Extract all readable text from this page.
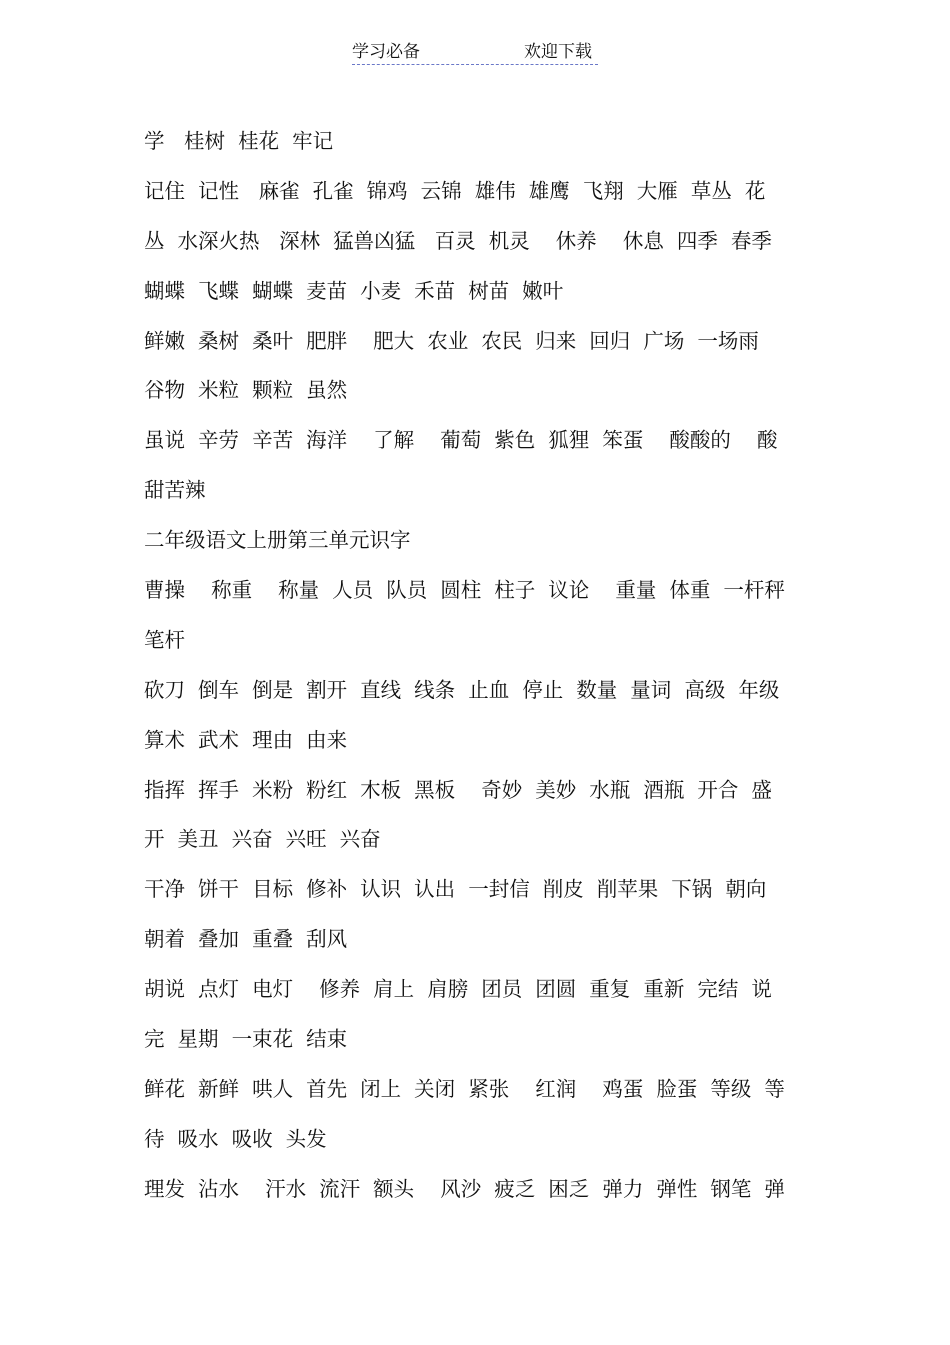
学习必备	欢迎下载
学   桂树  桂花  牢记
记住  记性   麻雀  孔雀  锦鸡  云锦  雄伟  雄鹰  飞翔  大雁  草丛  花
丛  水深火热   深林  猛兽凶猛   百灵  机灵    休养    休息  四季  春季
蝴蝶  飞蝶  蝴蝶  麦苗  小麦  禾苗  树苗  嫩叶
鲜嫩  桑树  桑叶  肥胖    肥大  农业  农民  归来  回归  广场  一场雨
谷物  米粒  颗粒  虽然
虽说  辛劳  辛苦  海洋    了解    葡萄  紫色  狐狸  笨蛋    酸酸的    酸
甜苦辣
二年级语文上册第三单元识字
曹操    称重    称量  人员  队员  圆柱  柱子  议论    重量  体重  一杆秤
笔杆
砍刀  倒车  倒是  割开  直线  线条  止血  停止  数量  量词  高级  年级
算术  武术  理由  由来
指挥  挥手  米粉  粉红  木板  黑板    奇妙  美妙  水瓶  酒瓶  开合  盛
开  美丑  兴奋  兴旺  兴奋
干净  饼干  目标  修补  认识  认出  一封信  削皮  削苹果  下锅  朝向
朝着  叠加  重叠  刮风
胡说  点灯  电灯    修养  肩上  肩膀  团员  团圆  重复  重新  完结  说
完  星期  一束花  结束
鲜花  新鲜  哄人  首先  闭上  关闭  紧张    红润    鸡蛋  脸蛋  等级  等
待  吸水  吸收  头发
理发  沾水    汗水  流汗  额头    风沙  疲乏  困乏  弹力  弹性  钢笔  弹
